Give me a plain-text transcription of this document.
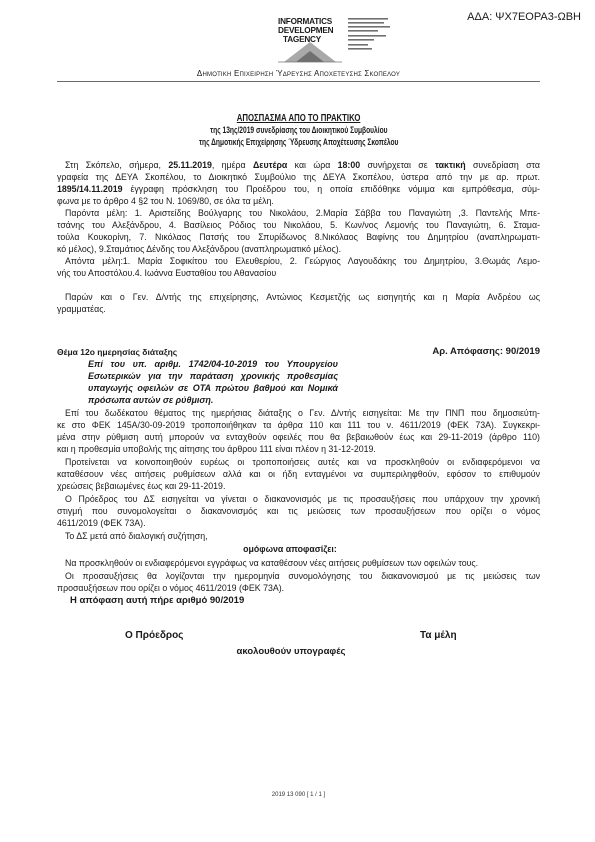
ΑΔΑ: ΨΧ7ΕΟΡΑ3-ΩΒΗ
INFORMATICS
DEVELOPMEN
TAGENCY
Δημοτική Επιχείρηση Ύδρευσης Αποχέτευσης Σκοπέλου
ΑΠΟΣΠΑΣΜΑ ΑΠΟ ΤΟ ΠΡΑΚΤΙΚΟ
της 13ης/2019 συνεδρίασης του Διοικητικού Συμβουλίου
της Δημοτικής Επιχείρησης Ύδρευσης Αποχέτευσης Σκοπέλου
Στη Σκόπελο, σήμερα, 25.11.2019, ημέρα Δευτέρα και ώρα 18:00 συνήρχεται σε τακτική συνεδρίαση στα
γραφεία της ΔΕΥΑ Σκοπέλου, το Διοικητικό Συμβούλιο της ΔΕΥΑ Σκοπέλου, ύστερα από την με αρ. πρωτ.
1895/14.11.2019 έγγραφη πρόσκληση του Προέδρου του, η οποία επιδόθηκε νόμιμα και εμπρόθεσμα, σύμ-
φωνα με το άρθρο 4 §2 του Ν. 1069/80, σε όλα τα μέλη.
Παρόντα μέλη: 1. Αριστείδης Βούλγαρης του Νικολάου, 2.Μαρία Σάββα του Παναγιώτη ,3. Παντελής Μπε-
τσάνης του Αλεξάνδρου, 4. Βασίλειος Ρόδιος του Νικολάου, 5. Κων/νος Λεμονής του Παναγιώτη, 6. Σταμα-
τούλα Κουκορίνη, 7. Νικόλαος Πατσής του Σπυρίδωνος 8.Νικόλαος Βαφίνης του Δημητρίου (αναπληρωματι-
κό μέλος), 9.Σταμάτιος Δένδης του Αλεξάνδρου (αναπληρωματικό μέλος).
Απόντα μέλη:1. Μαρία Σοφικίτου του Ελευθερίου, 2. Γεώργιος Λαγουδάκης του Δημητρίου, 3.Θωμάς Λεμο-
νής του Αποστόλου.4. Ιωάννα Ευσταθίου του Αθανασίου
Παρών και ο Γεν. Δ/ντής της επιχείρησης, Αντώνιος Κεσμετζής ως εισηγητής και η Μαρία Ανδρέου ως
γραμματέας.
Θέμα 12ο ημερησίας διάταξης	Αρ. Απόφασης: 90/2019
Επί του υπ. αριθμ. 1742/04-10-2019 του Υπουργείου
Εσωτερικών για την παράταση χρονικής προθεσμίας
υπαγωγής οφειλών σε ΟΤΑ πρώτου βαθμού και Νομικά
πρόσωπα αυτών σε ρύθμιση.
Επί του δωδέκατου θέματος της ημερήσιας διάταξης ο Γεν. Δ/ντής εισηγείται: Με την ΠΝΠ που δημοσιεύτη-
κε στο ΦΕΚ 145Α/30-09-2019 τροποποιήθηκαν τα άρθρα 110 και 111 του ν. 4611/2019 (ΦΕΚ 73Α). Συγκεκρι-
μένα στην ρύθμιση αυτή μπορούν να ενταχθούν οφειλές που θα βεβαιωθούν έως και 29-11-2019 (άρθρο 110)
και η προθεσμία υποβολής της αίτησης του άρθρου 111 είναι πλέον η 31-12-2019.
Προτείνεται να κοινοποιηθούν ευρέως οι τροποποιήσεις αυτές και να προσκληθούν οι ενδιαφερόμενοι να
καταθέσουν νέες αιτήσεις ρυθμίσεων αλλά και οι ήδη ενταγμένοι να συμπεριληφθούν, εφόσον το επιθυμούν
χρεώσεις βεβαιωμένες έως και 29-11-2019.
Ο Πρόεδρος του ΔΣ εισηγείται να γίνεται ο διακανονισμός με τις προσαυξήσεις που υπάρχουν την χρονική
στιγμή που συνομολογείται ο διακανονισμός και τις μειώσεις των προσαυξήσεων που ορίζει ο νόμος
4611/2019 (ΦΕΚ 73Α).
Το ΔΣ μετά από διαλογική συζήτηση,
ομόφωνα αποφασίζει:
Να προσκληθούν οι ενδιαφερόμενοι εγγράφως να καταθέσουν νέες αιτήσεις ρυθμίσεων των οφειλών τους.
Οι προσαυξήσεις θα λογίζονται την ημερομηνία συνομολόγησης του διακανονισμού με τις μειώσεις των
προσαυξήσεων που ορίζει ο νόμος 4611/2019 (ΦΕΚ 73Α).
Η απόφαση αυτή πήρε αριθμό 90/2019
Ο Πρόεδρος	Τα μέλη
ακολουθούν υπογραφές
2019 13 090 [ 1 / 1 ]
